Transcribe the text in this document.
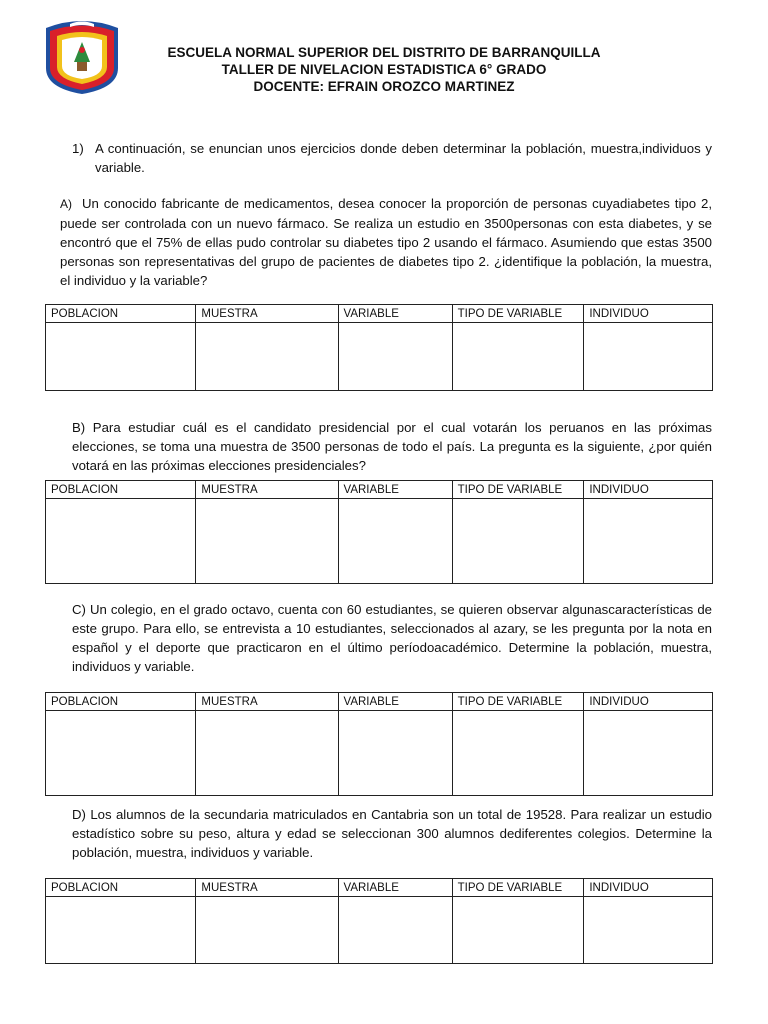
ESCUELA NORMAL SUPERIOR DEL DISTRITO DE BARRANQUILLA
TALLER DE NIVELACION ESTADISTICA 6° GRADO
DOCENTE: EFRAIN OROZCO MARTINEZ
1) A continuación, se enuncian unos ejercicios donde deben determinar la población, muestra,individuos y variable.
A) Un conocido fabricante de medicamentos, desea conocer la proporción de personas cuyadiabetes tipo 2, puede ser controlada con un nuevo fármaco. Se realiza un estudio en 3500personas con esta diabetes, y se encontró que el 75% de ellas pudo controlar su diabetes tipo 2 usando el fármaco. Asumiendo que estas 3500 personas son representativas del grupo de pacientes de diabetes tipo 2. ¿identifique la población, la muestra, el individuo y la variable?
POBLACION	MUESTRA	VARIABLE	TIPO DE VARIABLE	INDIVIDUO

B) Para estudiar cuál es el candidato presidencial por el cual votarán los peruanos en las próximas elecciones, se toma una muestra de 3500 personas de todo el país. La pregunta es la siguiente, ¿por quién votará en las próximas elecciones presidenciales?
POBLACION	MUESTRA	VARIABLE	TIPO DE VARIABLE	INDIVIDUO

C) Un colegio, en el grado octavo, cuenta con 60 estudiantes, se quieren observar algunascaracterísticas de este grupo. Para ello, se entrevista a 10 estudiantes, seleccionados al azary, se les pregunta por la nota en español y el deporte que practicaron en el último períodoacadémico. Determine la población, muestra, individuos y variable.
POBLACION	MUESTRA	VARIABLE	TIPO DE VARIABLE	INDIVIDUO

D) Los alumnos de la secundaria matriculados en Cantabria son un total de 19528. Para realizar un estudio estadístico sobre su peso, altura y edad se seleccionan 300 alumnos dediferentes colegios. Determine la población, muestra, individuos y variable.
POBLACION	MUESTRA	VARIABLE	TIPO DE VARIABLE	INDIVIDUO
